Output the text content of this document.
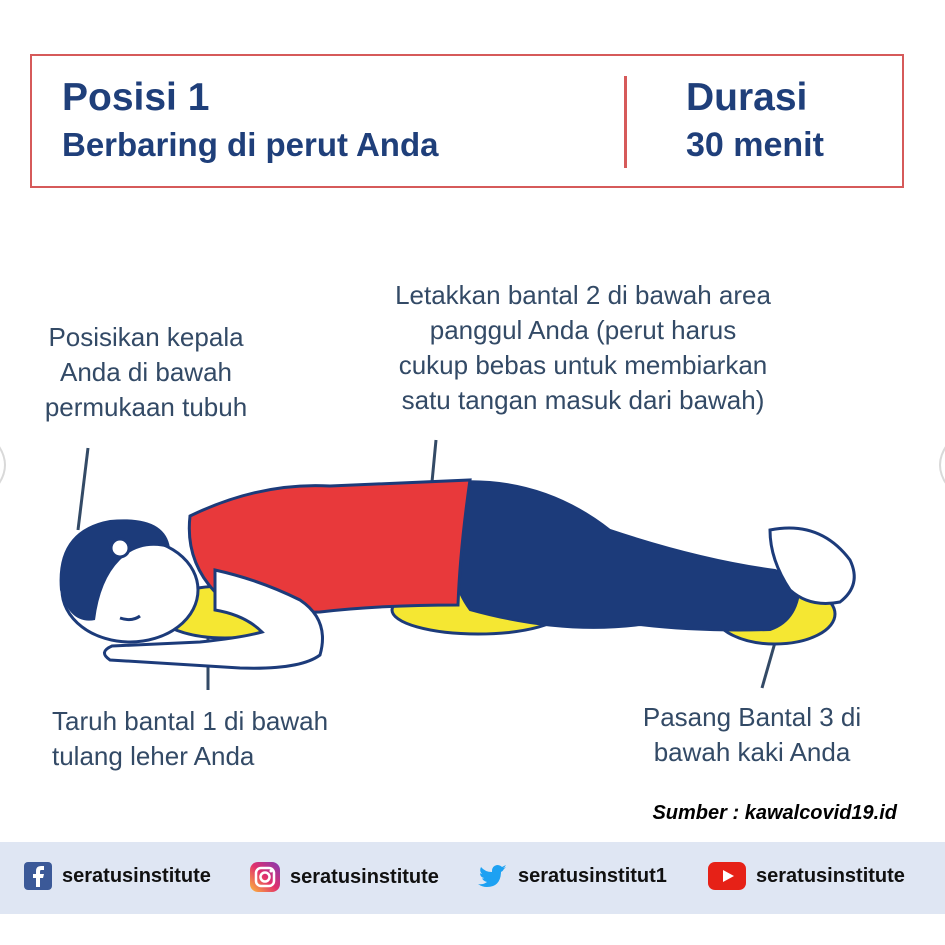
Posisi 1
Berbaring di perut Anda
Durasi
30 menit
Posisikan kepala
Anda di bawah
permukaan tubuh
Letakkan bantal 2 di bawah area
panggul Anda (perut harus
cukup bebas untuk membiarkan
satu tangan masuk dari bawah)
Taruh bantal 1 di bawah
tulang leher Anda
Pasang Bantal 3 di
bawah kaki Anda
Sumber : kawalcovid19.id
seratusinstitute	seratusinstitute	seratusinstitut1	seratusinstitute
